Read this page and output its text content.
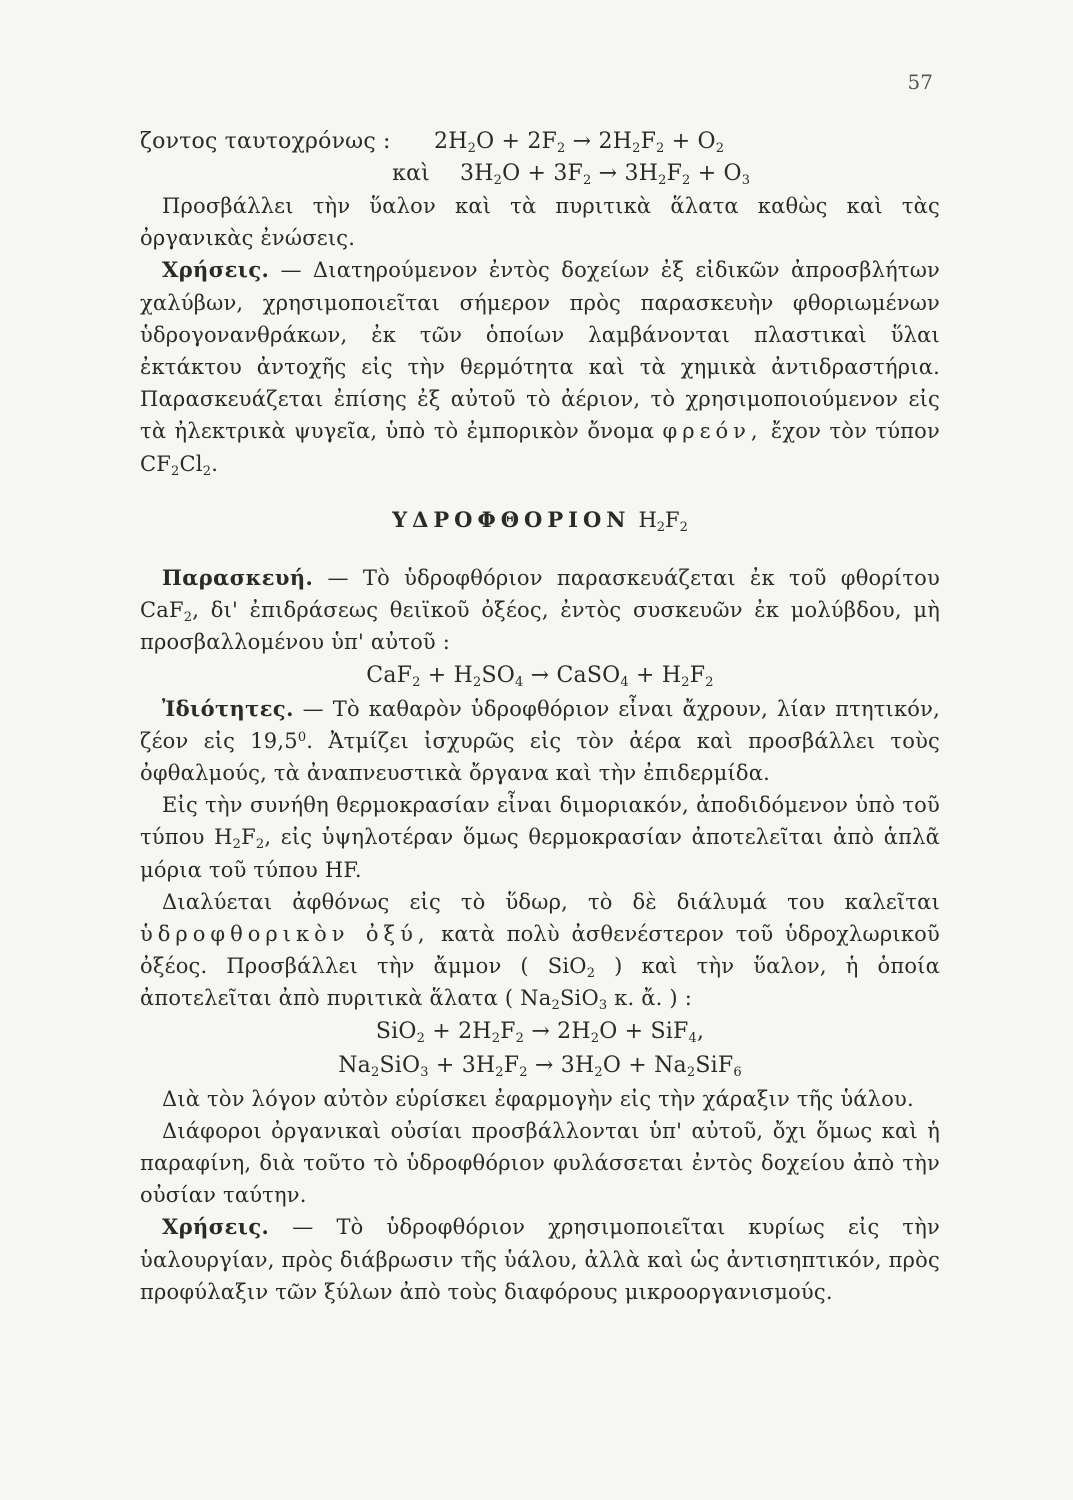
57
ζοντος ταυτοχρόνως :	$2H_2O + 2F_2 \to 2H_2F_2 + O_2$
καὶ $3H_2O + 3F_2 \to 3H_2F_2 + O_3$

Προσβάλλει τὴν ὕαλον καὶ τὰ πυριτικὰ ἅλατα καθὼς καὶ τὰς ὀργανικὰς ἐνώσεις.

Χρήσεις. — Διατηρούμενον ἐντὸς δοχείων ἐξ εἰδικῶν ἀπροσβλήτων χαλύβων, χρησιμοποιεῖται σήμερον πρὸς παρασκευὴν φθοριωμένων ὑδρογονανθράκων, ἐκ τῶν ὁποίων λαμβάνονται πλαστικαὶ ὕλαι ἐκτάκτου ἀντοχῆς εἰς τὴν θερμότητα καὶ τὰ χημικὰ ἀντιδραστήρια. Παρασκευάζεται ἐπίσης ἐξ αὐτοῦ τὸ ἀέριον, τὸ χρησιμοποιούμενον εἰς τὰ ἠλεκτρικὰ ψυγεῖα, ὑπὸ τὸ ἐμπορικὸν ὄνομα φρεόν, ἔχον τὸν τύπον $CF_2Cl_2$.

ΥΔΡΟΦΘΟΡΙΟΝ $H_2F_2$

Παρασκευή. — Τὸ ὑδροφθόριον παρασκευάζεται ἐκ τοῦ φθορίτου CaF$_2$, δι' ἐπιδράσεως θειϊκοῦ ὀξέος, ἐντὸς συσκευῶν ἐκ μολύβδου, μὴ προσβαλλομένου ὑπ' αὐτοῦ :

$CaF_2 + H_2SO_4$ → CaSO$_4$ + $H_2F_2$

Ἰδιότητες. — Τὸ καθαρὸν ὑδροφθόριον εἶναι ἄχρουν, λίαν πτητικόν, ζέον εἰς 19,5$^0$. Ἀτμίζει ἰσχυρῶς εἰς τὸν ἀέρα καὶ προσβάλλει τοὺς ὀφθαλμούς, τὰ ἀναπνευστικὰ ὄργανα καὶ τὴν ἐπιδερμίδα.

Εἰς τὴν συνήθη θερμοκρασίαν εἶναι διμοριακόν, ἀποδιδόμενον ὑπὸ τοῦ τύπου $H_2F_2$, εἰς ὑψηλοτέραν ὅμως θερμοκρασίαν ἀποτελεῖται ἀπὸ ἁπλᾶ μόρια τοῦ τύπου HF.

Διαλύεται ἀφθόνως εἰς τὸ ὕδωρ, τὸ δὲ διάλυμά του καλεῖται ὑδροφθορικὸν ὀξύ, κατὰ πολὺ ἀσθενέστερον τοῦ ὑδροχλωρικοῦ ὀξέος. Προσβάλλει τὴν ἄμμον ( SiO$_2$ ) καὶ τὴν ὕαλον, ἡ ὁποία ἀποτελεῖται ἀπὸ πυριτικὰ ἅλατα ( $Na_2SiO_3$ κ. ἄ. ) :

$SiO_2 + 2H_2F_2 \to 2H_2O + SiF_4$,
$Na_2SiO_3 + 3H_2F_2 \to 3H_2O + Na_2SiF_6$

Διὰ τὸν λόγον αὐτὸν εὑρίσκει ἐφαρμογὴν εἰς τὴν χάραξιν τῆς ὑάλου.

Διάφοροι ὀργανικαὶ οὐσίαι προσβάλλονται ὑπ' αὐτοῦ, ὄχι ὅμως καὶ ἡ παραφίνη, διὰ τοῦτο τὸ ὑδροφθόριον φυλάσσεται ἐντὸς δοχείου ἀπὸ τὴν οὐσίαν ταύτην.

Χρήσεις. — Τὸ ὑδροφθόριον χρησιμοποιεῖται κυρίως εἰς τὴν ὑαλουργίαν, πρὸς διάβρωσιν τῆς ὑάλου, ἀλλὰ καὶ ὡς ἀντισηπτικόν, πρὸς προφύλαξιν τῶν ξύλων ἀπὸ τοὺς διαφόρους μικροοργανισμούς.
